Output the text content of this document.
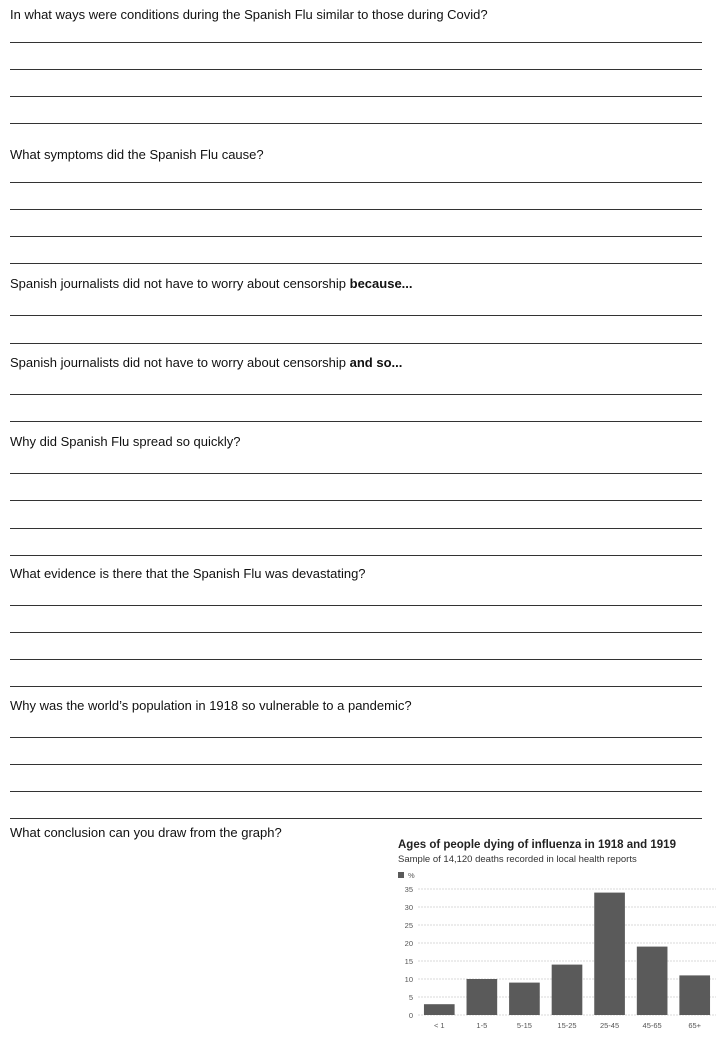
In what ways were conditions during the Spanish Flu similar to those during Covid?
What symptoms did the Spanish Flu cause?
Spanish journalists did not have to worry about censorship because...
Spanish journalists did not have to worry about censorship and so...
Why did Spanish Flu spread so quickly?
What evidence is there that the Spanish Flu was devastating?
Why was the world’s population in 1918 so vulnerable to a pandemic?
What conclusion can you draw from the graph?
Ages of people dying of influenza in 1918 and 1919
Sample of 14,120 deaths recorded in local health reports
%
0
5
10
15
20
25
30
35
< 1	1-5	5-15	15-25	25-45	45-65	65+
